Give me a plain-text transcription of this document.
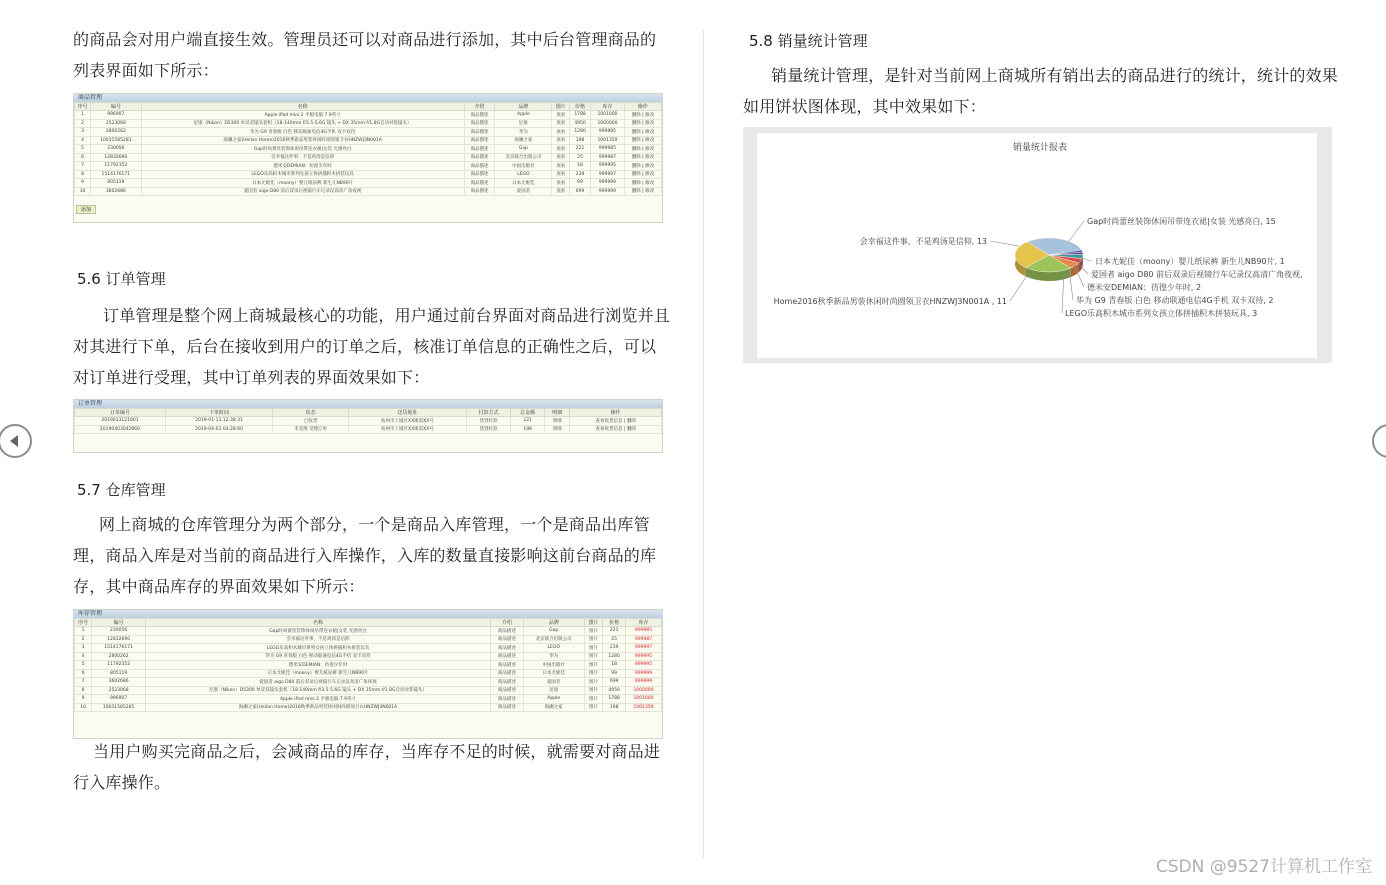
的商品会对用户端直接生效。管理员还可以对商品进行添加，其中后台管理商品的
列表界面如下所示：

商品管理
序号	编号	名称	介绍	品牌	图片	价格	库存	操作
1	996907	Apple iPad mini 2 平板电脑 7.9英寸	商品描述	Apple	查看	1788	1001000	删除 | 修改
2	2523068	尼康（Nikon）D5300 单反双镜头套机（18-140mm f/3.5-5.6G 镜头 + DX 35mm f/1.8G自动对焦镜头）	商品描述	尼康	查看	4950	1000000	删除 | 修改
3	2800262	华为 G9 青春版 白色 移动联通电信4G手机 双卡双待	商品描述	华为	查看	1280	999995	删除 | 修改
4	10031585281	海澜之家(Heilan Home)2016秋季新品男装休闲时尚圆领卫衣HNZWJ3N001A	商品描述	海澜之家	查看	198	1001359	删除 | 修改
5	230056	Gap时尚蕾丝装饰休闲吊带连衣裙|女装 光感亮白	商品描述	Gap	查看	221	999985	删除 | 修改
6	12832690	会幸福这件事，不是鸡汤是信仰	商品描述	北京联合出版公司	查看	25	999987	删除 | 修改
7	11792352	德米安DEMIAN：彷徨少年时	商品描述	中国出版社	查看	18	999995	删除 | 修改
8	1514176171	LEGO乐高积木城市系列女孩立体拼插积木拼装玩具	商品描述	LEGO	查看	239	999997	删除 | 修改
9	805119	日本尤妮佳（moony）婴儿纸尿裤 新生儿NB90片	商品描述	日本尤妮佳	查看	99	999999	删除 | 修改
10	3602686	爱国者 aigo D80 前后双录后视镜行车记录仪高清广角夜视	商品描述	爱国者	查看	699	999999	删除 | 修改
添加
5.6 订单管理

订单管理是整个网上商城最核心的功能，用户通过前台界面对商品进行浏览并且
对其进行下单，后台在接收到用户的订单之后，核准订单信息的正确性之后，可以
对订单进行受理，其中订单列表的界面效果如下：

订单管理
订单编号	下单时间	状态	送货地址	付款方式	总金额	明细	操作
2019013121801	2019-01-13 12:38:31	已收货	杭州市上城区XX街道XX号	货到付款	221	明细	查看收货信息 | 删除
20190403042860	2019-04-03 04:28:60	未受理 受理订单	杭州市上城区XX街道XX号	货到付款	198	明细	查看收货信息 | 删除
5.7 仓库管理

网上商城的仓库管理分为两个部分，一个是商品入库管理，一个是商品出库管
理，商品入库是对当前的商品进行入库操作，入库的数量直接影响这前台商品的库
存，其中商品库存的界面效果如下所示：

库存管理
序号	编号	名称	介绍	品牌	图片	价格	库存
1	230056	Gap时尚蕾丝装饰休闲吊带连衣裙|女装 光感亮白	商品描述	Gap	图片	221	999985
2	12832690	会幸福这件事，不是鸡汤是信仰	商品描述	北京联合出版公司	图片	25	999987
3	1514176171	LEGO乐高积木城市系列女孩立体拼插积木拼装玩具	商品描述	LEGO	图片	239	999997
4	2800262	华为 G9 青春版 白色 移动联通电信4G手机 双卡双待	商品描述	华为	图片	1280	999995
5	11792352	德米安DEMIAN：彷徨少年时	商品描述	中国出版社	图片	18	999995
6	805119	日本尤妮佳（moony）婴儿纸尿裤 新生儿NB90片	商品描述	日本尤妮佳	图片	99	999999
7	3602686	爱国者 aigo D80 前后双录后视镜行车记录仪高清广角夜视	商品描述	爱国者	图片	699	999999
8	2523068	尼康（Nikon）D5300 单反双镜头套机（18-140mm f/3.5-5.6G 镜头 + DX 35mm f/1.8G自动对焦镜头）	商品描述	尼康	图片	4950	1000000
9	996907	Apple iPad mini 2 平板电脑 7.9英寸	商品描述	Apple	图片	1788	1001000
10	10031585281	海澜之家(Heilan Home)2016秋季新品男装休闲时尚圆领卫衣HNZWJ3N001A	商品描述	海澜之家	图片	198	1001359

当用户购买完商品之后，会减商品的库存，当库存不足的时候，就需要对商品进
行入库操作。

5.8 销量统计管理

销量统计管理，是针对当前网上商城所有销出去的商品进行的统计，统计的效果
如用饼状图体现，其中效果如下：

销量统计报表
Gap时尚蕾丝装饰休闲吊带连衣裙|女装 光感亮白, 15
日本尤妮佳（moony）婴儿纸尿裤 新生儿NB90片, 1
爱国者 aigo D80 前后双录后视镜行车记录仪高清广角夜视,
德米安DEMIAN：彷徨少年时, 2
华为 G9 青春版 白色 移动联通电信4G手机 双卡双待, 2
LEGO乐高积木城市系列女孩立体拼插积木拼装玩具, 3
Home2016秋季新品男装休闲时尚圆领卫衣HNZWJ3N001A , 11
会幸福这件事，不是鸡汤是信仰, 13
CSDN @9527计算机工作室
